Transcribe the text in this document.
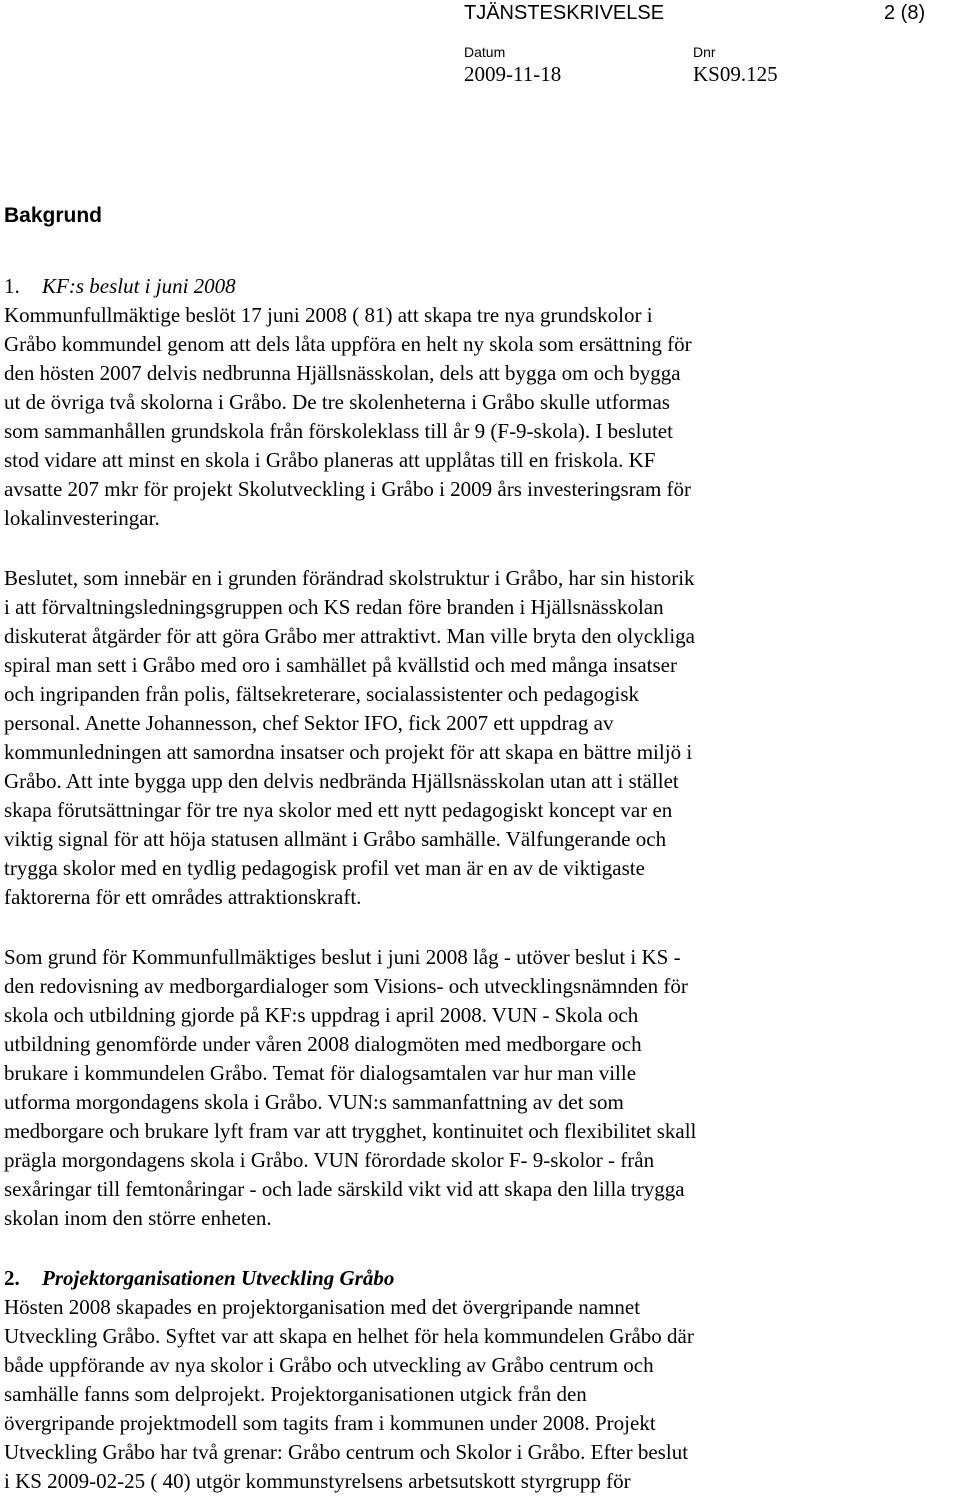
TJÄNSTESKRIVELSE	2 (8)
Datum	Dnr
2009-11-18	KS09.125
Bakgrund
1. KF:s beslut i juni 2008
Kommunfullmäktige beslöt 17 juni 2008 ( 81) att skapa tre nya grundskolor i
Gråbo kommundel genom att dels låta uppföra en helt ny skola som ersättning för
den hösten 2007 delvis nedbrunna Hjällsnässkolan, dels att bygga om och bygga
ut de övriga två skolorna i Gråbo. De tre skolenheterna i Gråbo skulle utformas
som sammanhållen grundskola från förskoleklass till år 9 (F-9-skola). I beslutet
stod vidare att minst en skola i Gråbo planeras att upplåtas till en friskola. KF
avsatte 207 mkr för projekt Skolutveckling i Gråbo i 2009 års investeringsram för
lokalinvesteringar.
Beslutet, som innebär en i grunden förändrad skolstruktur i Gråbo, har sin historik
i att förvaltningsledningsgruppen och KS redan före branden i Hjällsnässkolan
diskuterat åtgärder för att göra Gråbo mer attraktivt. Man ville bryta den olyckliga
spiral man sett i Gråbo med oro i samhället på kvällstid och med många insatser
och ingripanden från polis, fältsekreterare, socialassistenter och pedagogisk
personal. Anette Johannesson, chef Sektor IFO, fick 2007 ett uppdrag av
kommunledningen att samordna insatser och projekt för att skapa en bättre miljö i
Gråbo. Att inte bygga upp den delvis nedbrända Hjällsnässkolan utan att i stället
skapa förutsättningar för tre nya skolor med ett nytt pedagogiskt koncept var en
viktig signal för att höja statusen allmänt i Gråbo samhälle. Välfungerande och
trygga skolor med en tydlig pedagogisk profil vet man är en av de viktigaste
faktorerna för ett områdes attraktionskraft.
Som grund för Kommunfullmäktiges beslut i juni 2008 låg - utöver beslut i KS -
den redovisning av medborgardialoger som Visions- och utvecklingsnämnden för
skola och utbildning gjorde på KF:s uppdrag i april 2008. VUN - Skola och
utbildning genomförde under våren 2008 dialogmöten med medborgare och
brukare i kommundelen Gråbo. Temat för dialogsamtalen var hur man ville
utforma morgondagens skola i Gråbo. VUN:s sammanfattning av det som
medborgare och brukare lyft fram var att trygghet, kontinuitet och flexibilitet skall
prägla morgondagens skola i Gråbo. VUN förordade skolor F- 9-skolor - från
sexåringar till femtonåringar - och lade särskild vikt vid att skapa den lilla trygga
skolan inom den större enheten.
2. Projektorganisationen Utveckling Gråbo
Hösten 2008 skapades en projektorganisation med det övergripande namnet
Utveckling Gråbo. Syftet var att skapa en helhet för hela kommundelen Gråbo där
både uppförande av nya skolor i Gråbo och utveckling av Gråbo centrum och
samhälle fanns som delprojekt. Projektorganisationen utgick från den
övergripande projektmodell som tagits fram i kommunen under 2008. Projekt
Utveckling Gråbo har två grenar: Gråbo centrum och Skolor i Gråbo. Efter beslut
i KS 2009-02-25 ( 40) utgör kommunstyrelsens arbetsutskott styrgrupp för
